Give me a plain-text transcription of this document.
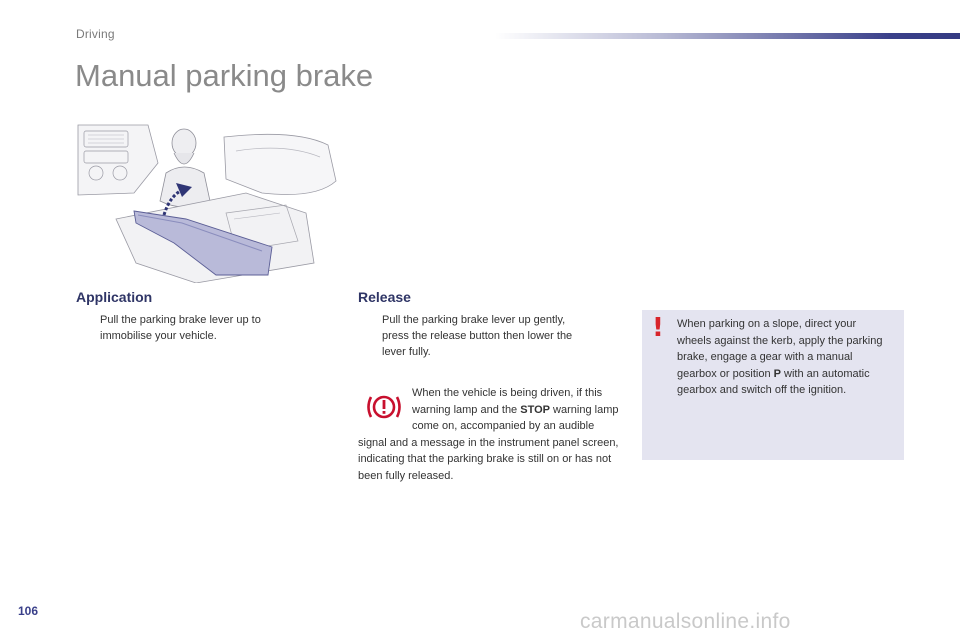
Driving
Manual parking brake
Application
Pull the parking brake lever up to
immobilise your vehicle.
Release
Pull the parking brake lever up gently,
press the release button then lower the
lever fully.
When the vehicle is being driven, if this warning lamp and the STOP warning lamp come on, accompanied by an audible signal and a message in the instrument panel screen, indicating that the parking brake is still on or has not been fully released.
! When parking on a slope, direct your wheels against the kerb, apply the parking brake, engage a gear with a manual gearbox or position P with an automatic gearbox and switch off the ignition.
106	carmanualsonline.info
